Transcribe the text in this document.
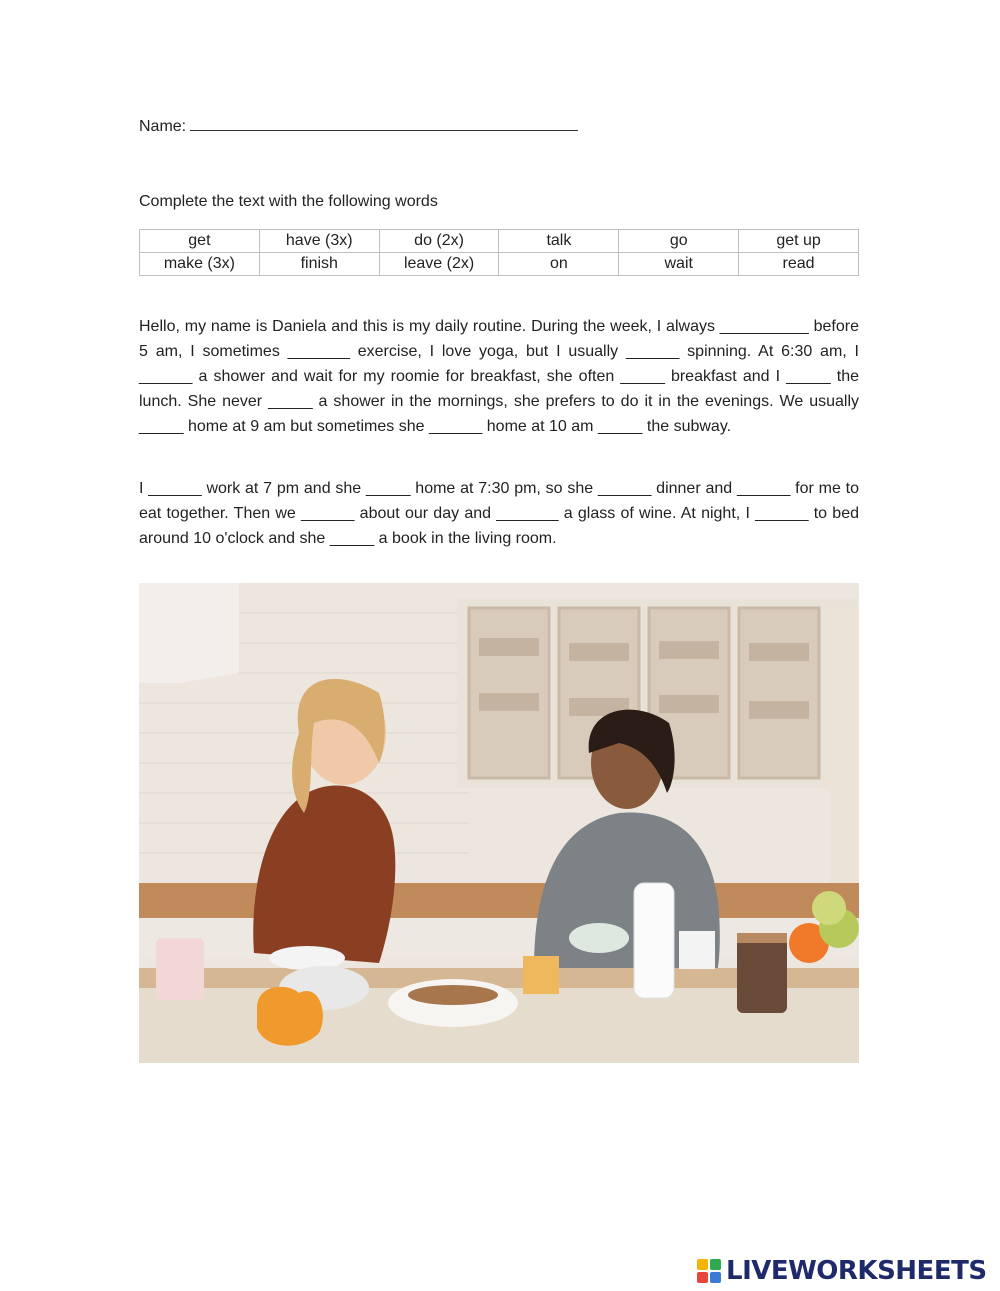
Name:
Complete the text with the following words
get	have (3x)	do (2x)	talk	go	get up
make (3x)	finish	leave (2x)	on	wait	read

Hello, my name is Daniela and this is my daily routine. During the week, I always __________ before 5 am, I sometimes _______ exercise, I love yoga, but I usually ______ spinning. At 6:30 am, I ______ a shower and wait for my roomie for breakfast, she often _____ breakfast and I _____ the lunch. She never _____ a shower in the mornings, she prefers to do it in the evenings. We usually _____ home at 9 am but sometimes she ______ home at 10 am _____ the subway.

I ______ work at 7 pm and she _____ home at 7:30 pm, so she ______ dinner and ______ for me to eat together. Then we ______ about our day and _______ a glass of wine. At night, I ______ to bed around 10 o'clock and she _____ a book in the living room.

LIVEWORKSHEETS
